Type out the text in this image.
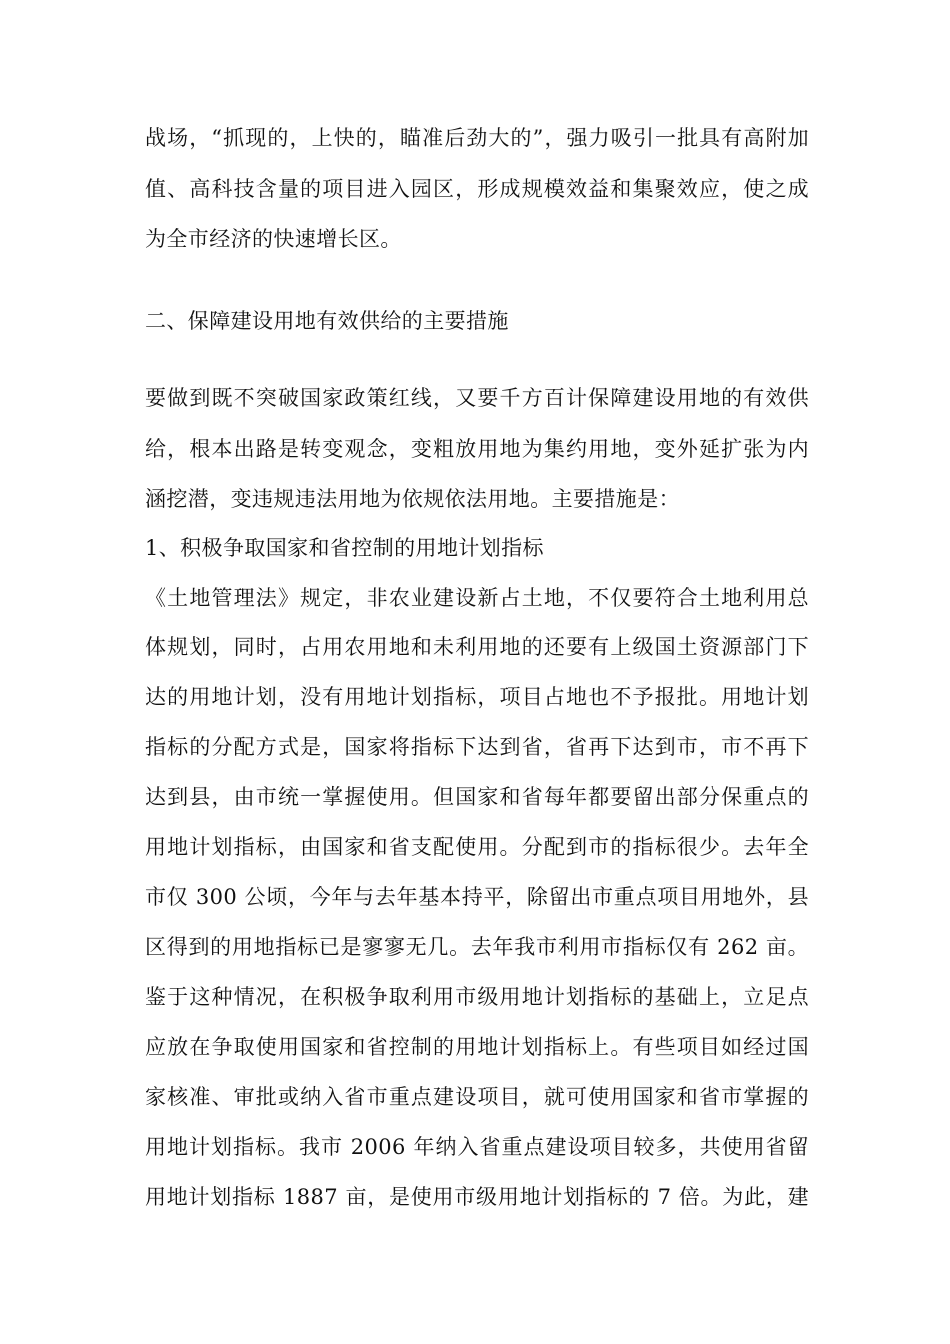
战场，“抓现的，上快的，瞄准后劲大的”，强力吸引一批具有高附加
值、高科技含量的项目进入园区，形成规模效益和集聚效应，使之成
为全市经济的快速增长区。
二、保障建设用地有效供给的主要措施
要做到既不突破国家政策红线，又要千方百计保障建设用地的有效供
给，根本出路是转变观念，变粗放用地为集约用地，变外延扩张为内
涵挖潜，变违规违法用地为依规依法用地。主要措施是：
1、积极争取国家和省控制的用地计划指标
《土地管理法》规定，非农业建设新占土地，不仅要符合土地利用总
体规划，同时，占用农用地和未利用地的还要有上级国土资源部门下
达的用地计划，没有用地计划指标，项目占地也不予报批。用地计划
指标的分配方式是，国家将指标下达到省，省再下达到市，市不再下
达到县，由市统一掌握使用。但国家和省每年都要留出部分保重点的
用地计划指标，由国家和省支配使用。分配到市的指标很少。去年全
市仅 300 公顷，今年与去年基本持平，除留出市重点项目用地外，县
区得到的用地指标已是寥寥无几。去年我市利用市指标仅有 262 亩。
鉴于这种情况，在积极争取利用市级用地计划指标的基础上，立足点
应放在争取使用国家和省控制的用地计划指标上。有些项目如经过国
家核准、审批或纳入省市重点建设项目，就可使用国家和省市掌握的
用地计划指标。我市 2006 年纳入省重点建设项目较多，共使用省留
用地计划指标 1887 亩，是使用市级用地计划指标的 7 倍。为此，建
